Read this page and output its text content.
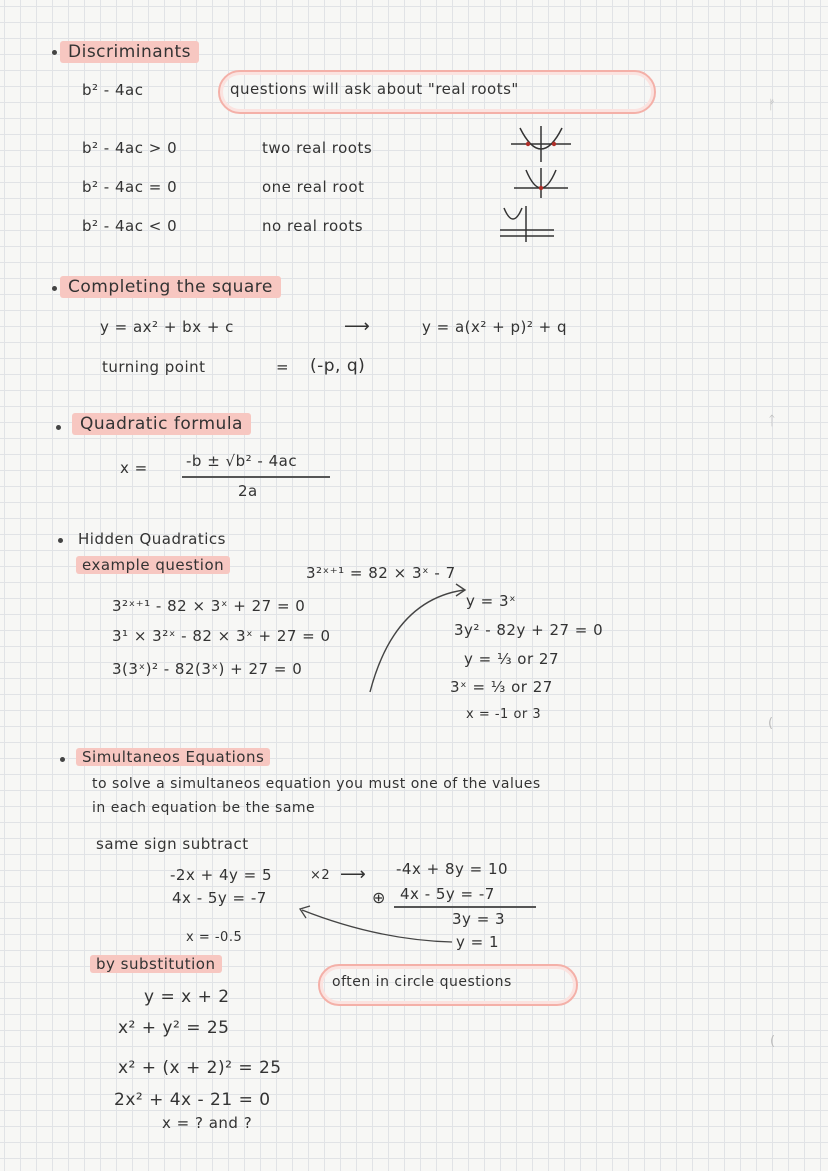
Discriminants
b² - 4ac	questions will ask about "real roots"
b² - 4ac > 0	two real roots
b² - 4ac = 0	one real root
b² - 4ac < 0	no real roots
Completing the square
y = ax² + bx + c	⟶	y = a(x² + p)² + q
turning point	= (-p, q)
Quadratic formula
x =	-b ± √b² - 4ac
2a
Hidden Quadratics
example question	3²ˣ⁺¹ = 82 × 3ˣ - 7
3²ˣ⁺¹ - 82 × 3ˣ + 27 = 0
3¹ × 3²ˣ - 82 × 3ˣ + 27 = 0
3(3ˣ)² - 82(3ˣ) + 27 = 0
y = 3ˣ
3y² - 82y + 27 = 0
y = ⅓ or 27
3ˣ = ⅓ or 27
x = -1 or 3
Simultaneos Equations
to solve a simultaneos equation you must one of the values
in each equation be the same
same sign subtract
-2x + 4y = 5	×2 ⟶
4x - 5y = -7
-4x + 8y = 10
⊕ 4x - 5y = -7
3y = 3
y = 1
x = -0.5
by substitution
often in circle questions
y = x + 2
x² + y² = 25
x² + (x + 2)² = 25
2x² + 4x - 21 = 0
x = ? and ?
ᚠ
ᛏ
(
(
